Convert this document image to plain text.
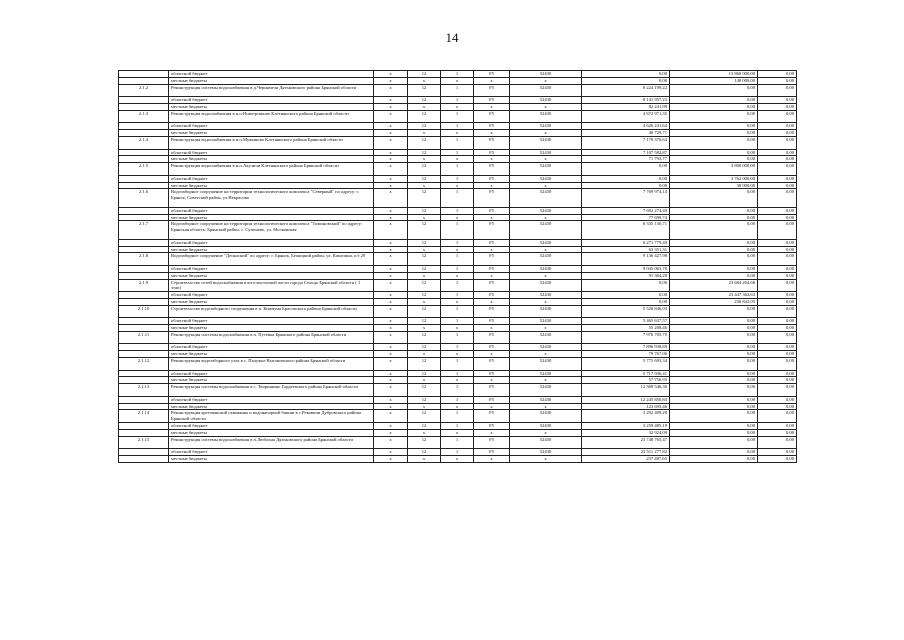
14
	областной бюджет	x	12	1	F5	52430	0,00	13 860 000,00	0,00
	местные бюджеты	x	x	x	x	x	0,00	140 000,00	0,00
2.1.2	Реконструкция системы водоснабжения в д.Чернятичи Дятьковского района Брянской области	x	12	1	F5	52430	8 224 199,22	0,00	0,00
	областной бюджет	x	12	1	F5	52430	8 141 957,23	0,00	0,00
	местные бюджеты	x	x	x	x	x	82 241,99	0,00	0,00
2.1.3	Реконструкция водоснабжения в н.п.Новотромаше Клетнянского района Брянской области	x	12	1	F5	52430	4 672 971,35	0,00	0,00
	областной бюджет	x	12	1	F5	52430	4 626 241,64	0,00	0,00
	местные бюджеты	x	x	x	x	x	46 729,71	0,00	0,00
2.1.4	Реконструкция водоснабжения в н.п.Мужиново Клетнянского района Брянской области	x	12	1	F5	52430	7 179 376,64	0,00	0,00
	областной бюджет	x	12	1	F5	52430	7 107 582,87	0,00	0,00
	местные бюджеты	x	x	x	x	x	71 793,77	0,00	0,00
2.1.5	Реконструкция водоснабжения в н.п.Акуличи Клетнянского района Брянской области	x	12	1	F5	52430	0,00	3 800 000,00	0,00
	областной бюджет	x	12	1	F5	52430	0,00	3 762 000,00	0,00
	местные бюджеты	x	x	x	x	x	0,00	38 000,00	0,00
2.1.6	Водозаборное сооружение на территории технологического комплекса "Северный" по адресу: г. Брянск, Советский район, ул.Некрасова	x	12	1	F5	52430	7 769 974,14	0,00	0,00
	областной бюджет	x	12	1	F5	52430	7 692 274,40	0,00	0,00
	местные бюджеты	x	x	x	x	x	77 699,74	0,00	0,00
2.1.7	Водозаборное сооружение на территории технологического комплекса "Тимоновский" по адресу: Брянская область, Брянский район, с. Супонево, ул. Московская	x	12	1	F5	52430	6 335 130,71	0,00	0,00
	областной бюджет	x	12	1	F5	52430	6 271 779,40	0,00	0,00
	местные бюджеты	x	x	x	x	x	63 351,31	0,00	0,00
2.1.8	Водозаборное сооружение "Десянский" по адресу: г. Брянск, Бежицкий район, ул. Камозина, о/з 29	x	12	1	F5	52430	9 136 427,98	0,00	0,00
	областной бюджет	x	12	1	F5	52430	9 045 063,70	0,00	0,00
	местные бюджеты	x	x	x	x	x	91 364,28	0,00	0,00
2.1.9	Строительство сетей водоснабжения в юго-восточной части города Сельцо Брянской области ( 1 этап)	x	12	1	F5	52430	0,00	23 684 204,68	0,00
	областной бюджет	x	12	1	F5	52430	0,00	23 447 362,63	0,00
	местные бюджеты	x	x	x	x	x	0,00	236 842,05	0,00
2.1.10	Строительство водозаборного сооружения в п. Коммуна Брасовского района Брянской области	x	12	1	F5	52430	5 520 846,03	0,00	0,00
	областной бюджет	x	12	1	F5	52430	5 465 637,57	0,00	0,00
	местные бюджеты	x	x	x	x	x	55 208,46	0,00	0,00
2.1.11	Реконструкция системы водоснабжения в п. Путёвка Брянского района Брянской области	x	12	1	F5	52430	7 976 705,75	0,00	0,00
	областной бюджет	x	12	1	F5	52430	7 896 938,69	0,00	0,00
	местные бюджеты	x	x	x	x	x	79 767,06	0,00	0,00
2.1.12	Реконструкция водозаборного узла в с. Палужье Выгоничского района Брянской области	x	12	1	F5	52430	5 775 693,34	0,00	0,00
	областной бюджет	x	12	1	F5	52430	5 717 936,41	0,00	0,00
	местные бюджеты	x	x	x	x	x	57 756,93	0,00	0,00
2.1.13	Реконструкция системы водоснабжения в с. Творишино Гордеевского района Брянской области	x	12	1	F5	52430	12 369 546,30	0,00	0,00
	областной бюджет	x	12	1	F5	52430	12 245 850,84	0,00	0,00
	местные бюджеты	x	x	x	x	x	123 695,46	0,00	0,00
2.1.14	Реконструкция артезианской скважины и водонапорной башни в с.Рековичи Дубровского района Брянской области	x	12	1	F5	52430	3 292 409,28	0,00	0,00
	областной бюджет	x	12	1	F5	52430	3 259 485,19	0,00	0,00
	местные бюджеты	x	x	x	x	x	32 924,09	0,00	0,00
2.1.15	Реконструкция системы водоснабжения в п.Любохна Дятьковского района Брянской области	x	12	1	F5	52430	23 748 765,47	0,00	0,00
	областной бюджет	x	12	1	F5	52430	23 511 277,82	0,00	0,00
	местные бюджеты	x	x	x	x	x	237 487,65	0,00	0,00
